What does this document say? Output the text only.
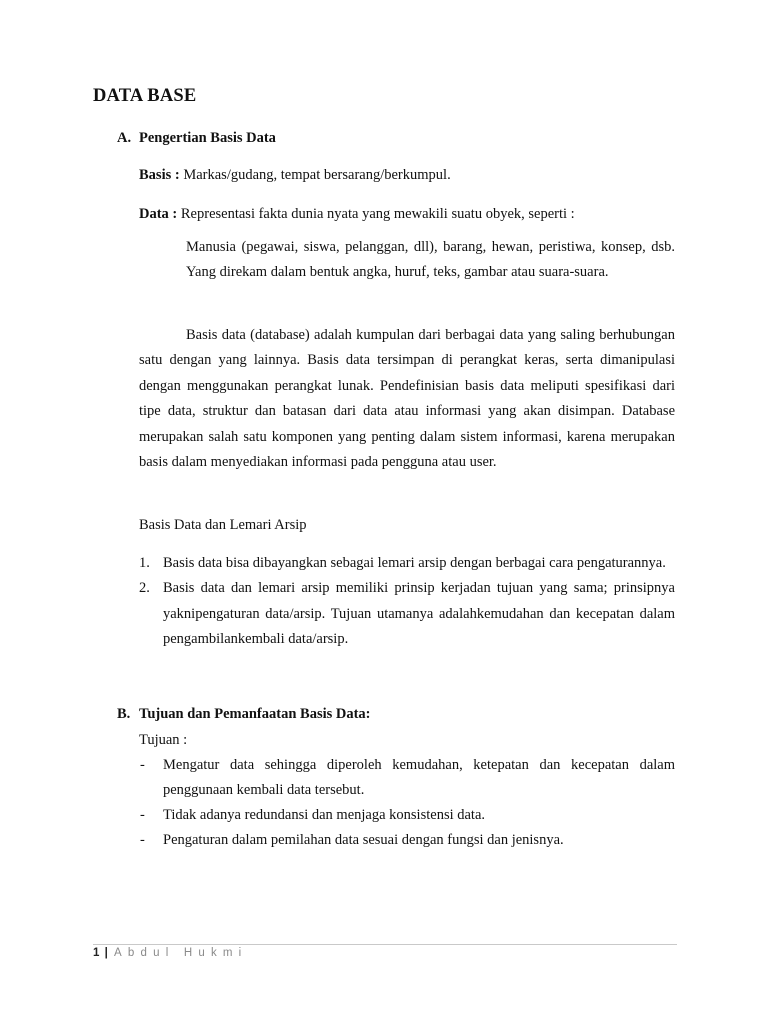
DATA BASE
A. Pengertian Basis Data

Basis : Markas/gudang, tempat bersarang/berkumpul.

Data : Representasi fakta dunia nyata yang mewakili suatu obyek, seperti :

Manusia (pegawai, siswa, pelanggan, dll), barang, hewan, peristiwa, konsep, dsb. Yang direkam dalam bentuk angka, huruf, teks, gambar atau suara-suara.

Basis data (database) adalah kumpulan dari berbagai data yang saling berhubungan satu dengan yang lainnya. Basis data tersimpan di perangkat keras, serta dimanipulasi dengan menggunakan perangkat lunak. Pendefinisian basis data meliputi spesifikasi dari tipe data, struktur dan batasan dari data atau informasi yang akan disimpan. Database merupakan salah satu komponen yang penting dalam sistem informasi, karena merupakan basis dalam menyediakan informasi pada pengguna atau user.

Basis Data dan Lemari Arsip

1. Basis data bisa dibayangkan sebagai lemari arsip dengan berbagai cara pengaturannya.
2. Basis data dan lemari arsip memiliki prinsip kerjadan tujuan yang sama; prinsipnya yaknipengaturan data/arsip. Tujuan utamanya adalahkemudahan dan kecepatan dalam pengambilankembali data/arsip.
B. Tujuan dan Pemanfaatan Basis Data:

Tujuan :

- Mengatur data sehingga diperoleh kemudahan, ketepatan dan kecepatan dalam penggunaan kembali data tersebut.
- Tidak adanya redundansi dan menjaga konsistensi data.
- Pengaturan dalam pemilahan data sesuai dengan fungsi dan jenisnya.
1 | Abdul Hukmi
